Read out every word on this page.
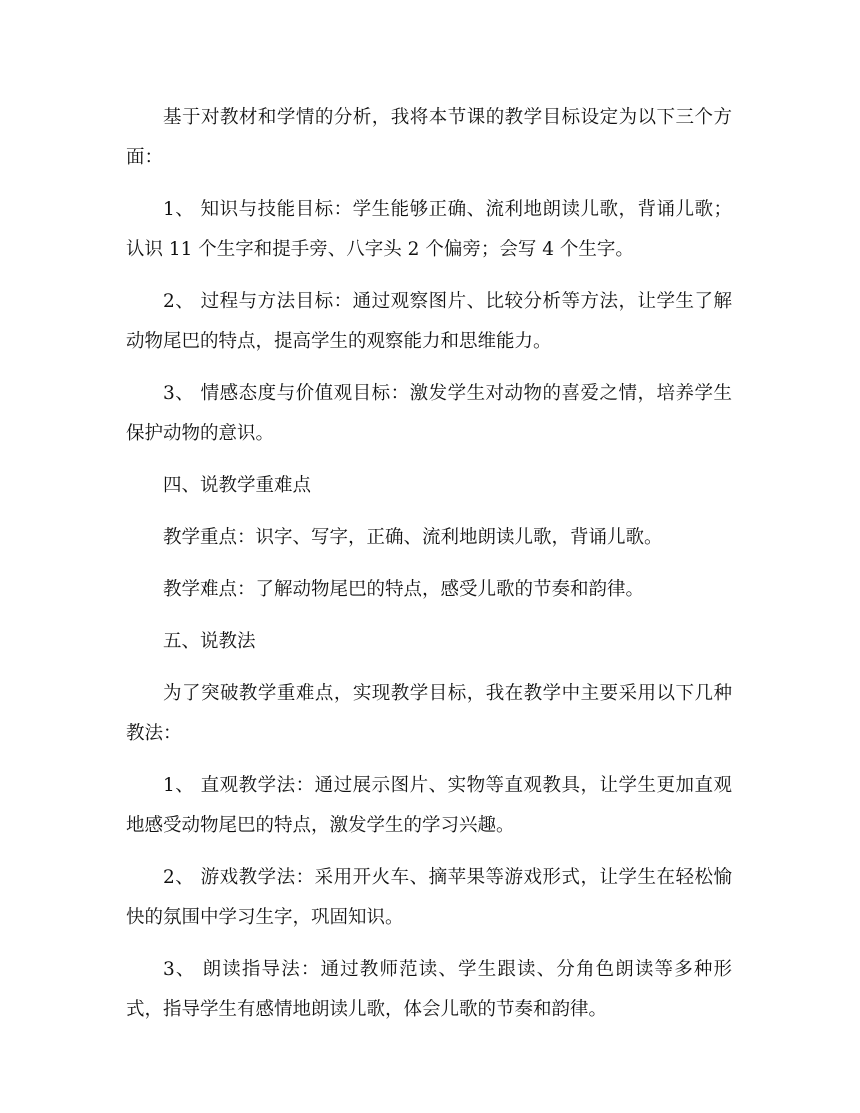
基于对教材和学情的分析，我将本节课的教学目标设定为以下三个方面：

1、 知识与技能目标：学生能够正确、流利地朗读儿歌，背诵儿歌；认识 11 个生字和提手旁、八字头 2 个偏旁；会写 4 个生字。

2、 过程与方法目标：通过观察图片、比较分析等方法，让学生了解动物尾巴的特点，提高学生的观察能力和思维能力。

3、 情感态度与价值观目标：激发学生对动物的喜爱之情，培养学生保护动物的意识。

四、说教学重难点

教学重点：识字、写字，正确、流利地朗读儿歌，背诵儿歌。

教学难点：了解动物尾巴的特点，感受儿歌的节奏和韵律。

五、说教法

为了突破教学重难点，实现教学目标，我在教学中主要采用以下几种教法：

1、 直观教学法：通过展示图片、实物等直观教具，让学生更加直观地感受动物尾巴的特点，激发学生的学习兴趣。

2、 游戏教学法：采用开火车、摘苹果等游戏形式，让学生在轻松愉快的氛围中学习生字，巩固知识。

3、 朗读指导法：通过教师范读、学生跟读、分角色朗读等多种形式，指导学生有感情地朗读儿歌，体会儿歌的节奏和韵律。
